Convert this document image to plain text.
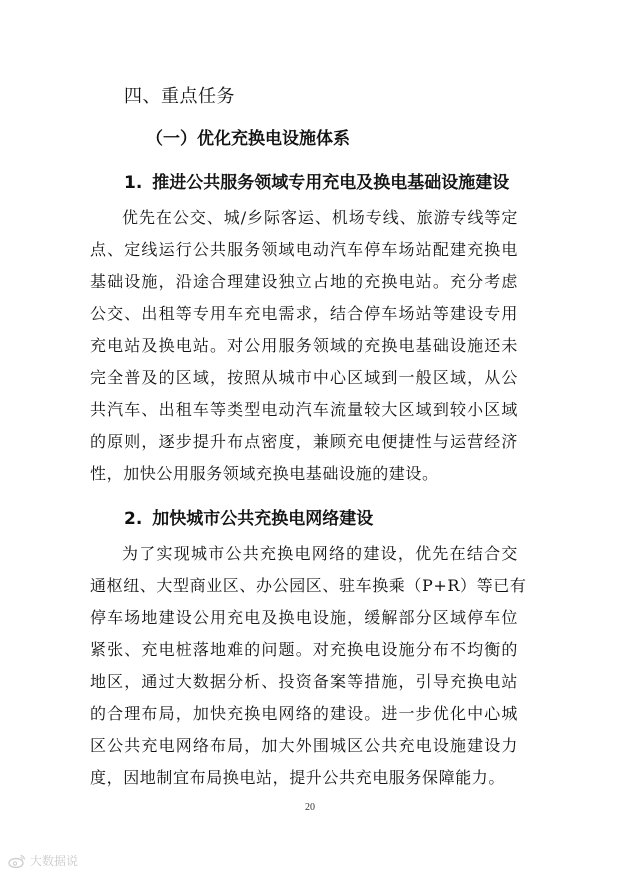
四、重点任务
（一）优化充换电设施体系
1. 推进公共服务领域专用充电及换电基础设施建设
优先在公交、城/乡际客运、机场专线、旅游专线等定
点、定线运行公共服务领域电动汽车停车场站配建充换电
基础设施，沿途合理建设独立占地的充换电站。充分考虑
公交、出租等专用车充电需求，结合停车场站等建设专用
充电站及换电站。对公用服务领域的充换电基础设施还未
完全普及的区域，按照从城市中心区域到一般区域，从公
共汽车、出租车等类型电动汽车流量较大区域到较小区域
的原则，逐步提升布点密度，兼顾充电便捷性与运营经济
性，加快公用服务领域充换电基础设施的建设。
2. 加快城市公共充换电网络建设
为了实现城市公共充换电网络的建设，优先在结合交
通枢纽、大型商业区、办公园区、驻车换乘（P+R）等已有
停车场地建设公用充电及换电设施，缓解部分区域停车位
紧张、充电桩落地难的问题。对充换电设施分布不均衡的
地区，通过大数据分析、投资备案等措施，引导充换电站
的合理布局，加快充换电网络的建设。进一步优化中心城
区公共充电网络布局，加大外围城区公共充电设施建设力
度，因地制宜布局换电站，提升公共充电服务保障能力。
20
大数据说
